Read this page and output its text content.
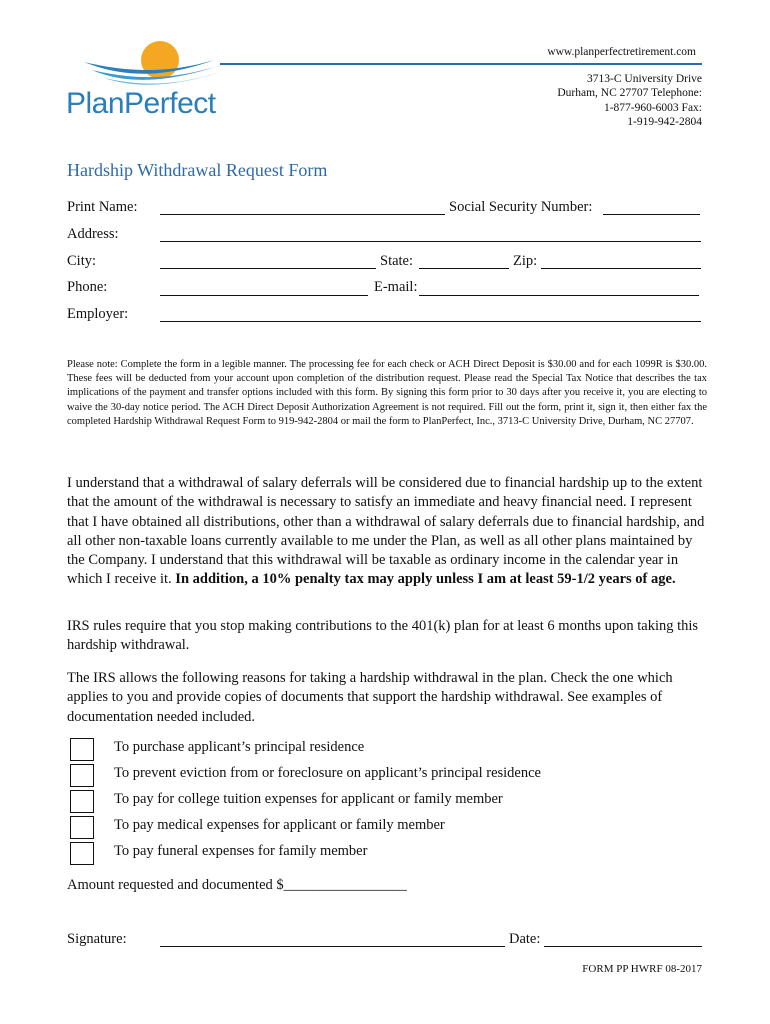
PlanPerfect
www.planperfectretirement.com
3713-C University Drive
Durham, NC 27707 Telephone:
1-877-960-6003 Fax:
1-919-942-2804
Hardship Withdrawal Request Form
Print Name:	Social Security Number:
Address:
City:	State:	Zip:
Phone:	E-mail:
Employer:
Please note: Complete the form in a legible manner. The processing fee for each check or ACH Direct Deposit is $30.00 and for each 1099R is $30.00. These fees will be deducted from your account upon completion of the distribution request. Please read the Special Tax Notice that describes the tax implications of the payment and transfer options included with this form. By signing this form prior to 30 days after you receive it, you are electing to waive the 30-day notice period. The ACH Direct Deposit Authorization Agreement is not required. Fill out the form, print it, sign it, then either fax the completed Hardship Withdrawal Request Form to 919-942-2804 or mail the form to PlanPerfect, Inc., 3713-C University Drive, Durham, NC 27707.
I understand that a withdrawal of salary deferrals will be considered due to financial hardship up to the extent that the amount of the withdrawal is necessary to satisfy an immediate and heavy financial need. I represent that I have obtained all distributions, other than a withdrawal of salary deferrals due to financial hardship, and all other non-taxable loans currently available to me under the Plan, as well as all other plans maintained by the Company. I understand that this withdrawal will be taxable as ordinary income in the calendar year in which I receive it. In addition, a 10% penalty tax may apply unless I am at least 59-1/2 years of age.
IRS rules require that you stop making contributions to the 401(k) plan for at least 6 months upon taking this hardship withdrawal.
The IRS allows the following reasons for taking a hardship withdrawal in the plan. Check the one which applies to you and provide copies of documents that support the hardship withdrawal. See examples of documentation needed included.
To purchase applicant’s principal residence
To prevent eviction from or foreclosure on applicant’s principal residence
To pay for college tuition expenses for applicant or family member
To pay medical expenses for applicant or family member
To pay funeral expenses for family member
Amount requested and documented $_________________
Signature:	Date:
FORM PP HWRF 08-2017
